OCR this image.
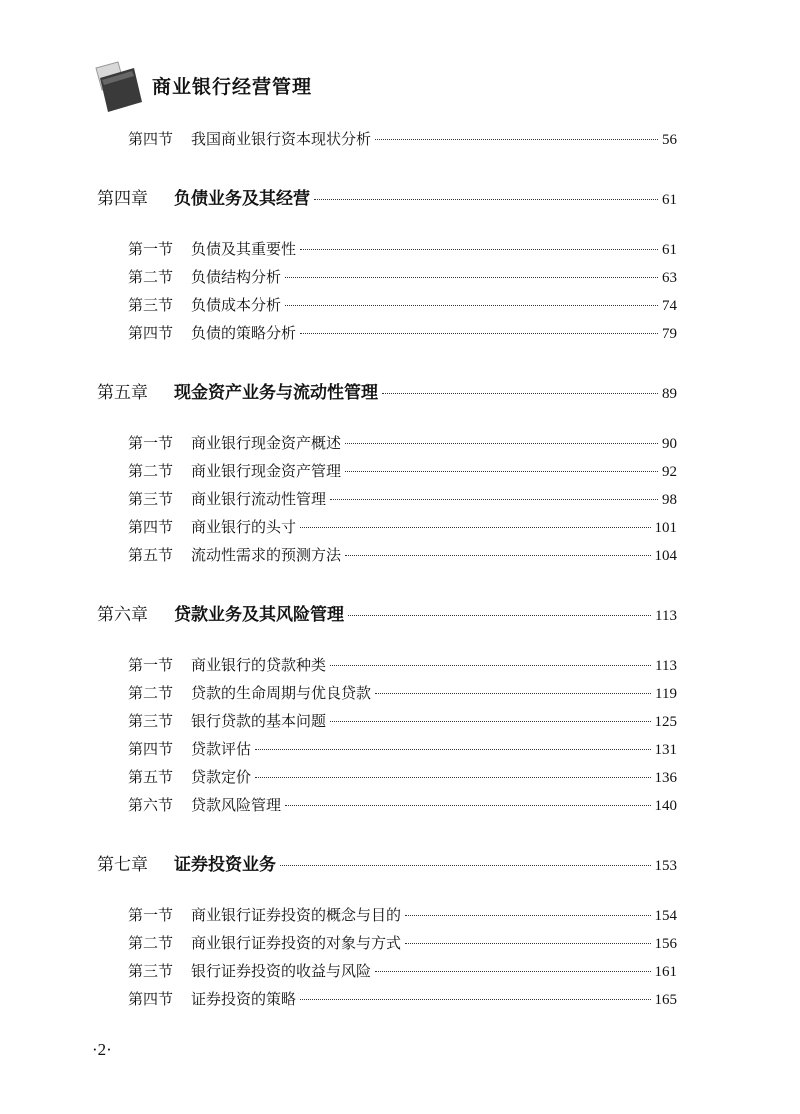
商业银行经营管理
第四节 我国商业银行资本现状分析	56
第四章 负债业务及其经营	61
第一节 负债及其重要性	61
第二节 负债结构分析	63
第三节 负债成本分析	74
第四节 负债的策略分析	79
第五章 现金资产业务与流动性管理	89
第一节 商业银行现金资产概述	90
第二节 商业银行现金资产管理	92
第三节 商业银行流动性管理	98
第四节 商业银行的头寸	101
第五节 流动性需求的预测方法	104
第六章 贷款业务及其风险管理	113
第一节 商业银行的贷款种类	113
第二节 贷款的生命周期与优良贷款	119
第三节 银行贷款的基本问题	125
第四节 贷款评估	131
第五节 贷款定价	136
第六节 贷款风险管理	140
第七章 证券投资业务	153
第一节 商业银行证券投资的概念与目的	154
第二节 商业银行证券投资的对象与方式	156
第三节 银行证券投资的收益与风险	161
第四节 证券投资的策略	165
·2·
